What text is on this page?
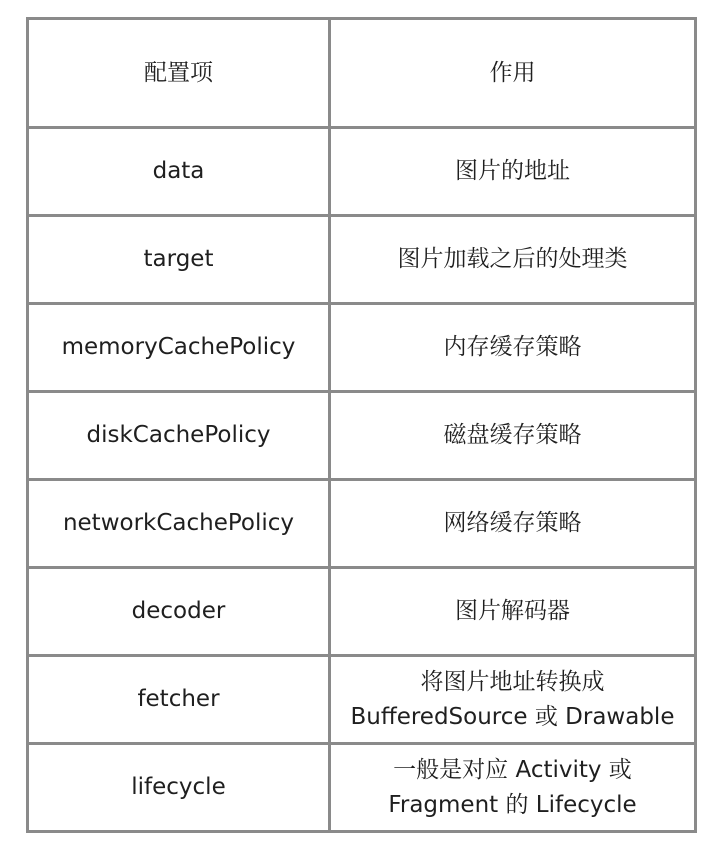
配置项	作用

data	图片的地址

target	图片加载之后的处理类

memoryCachePolicy	内存缓存策略

diskCachePolicy	磁盘缓存策略

networkCachePolicy	网络缓存策略

decoder	图片解码器

fetcher	将图片地址转换成
BufferedSource 或 Drawable

lifecycle	一般是对应 Activity 或
Fragment 的 Lifecycle
